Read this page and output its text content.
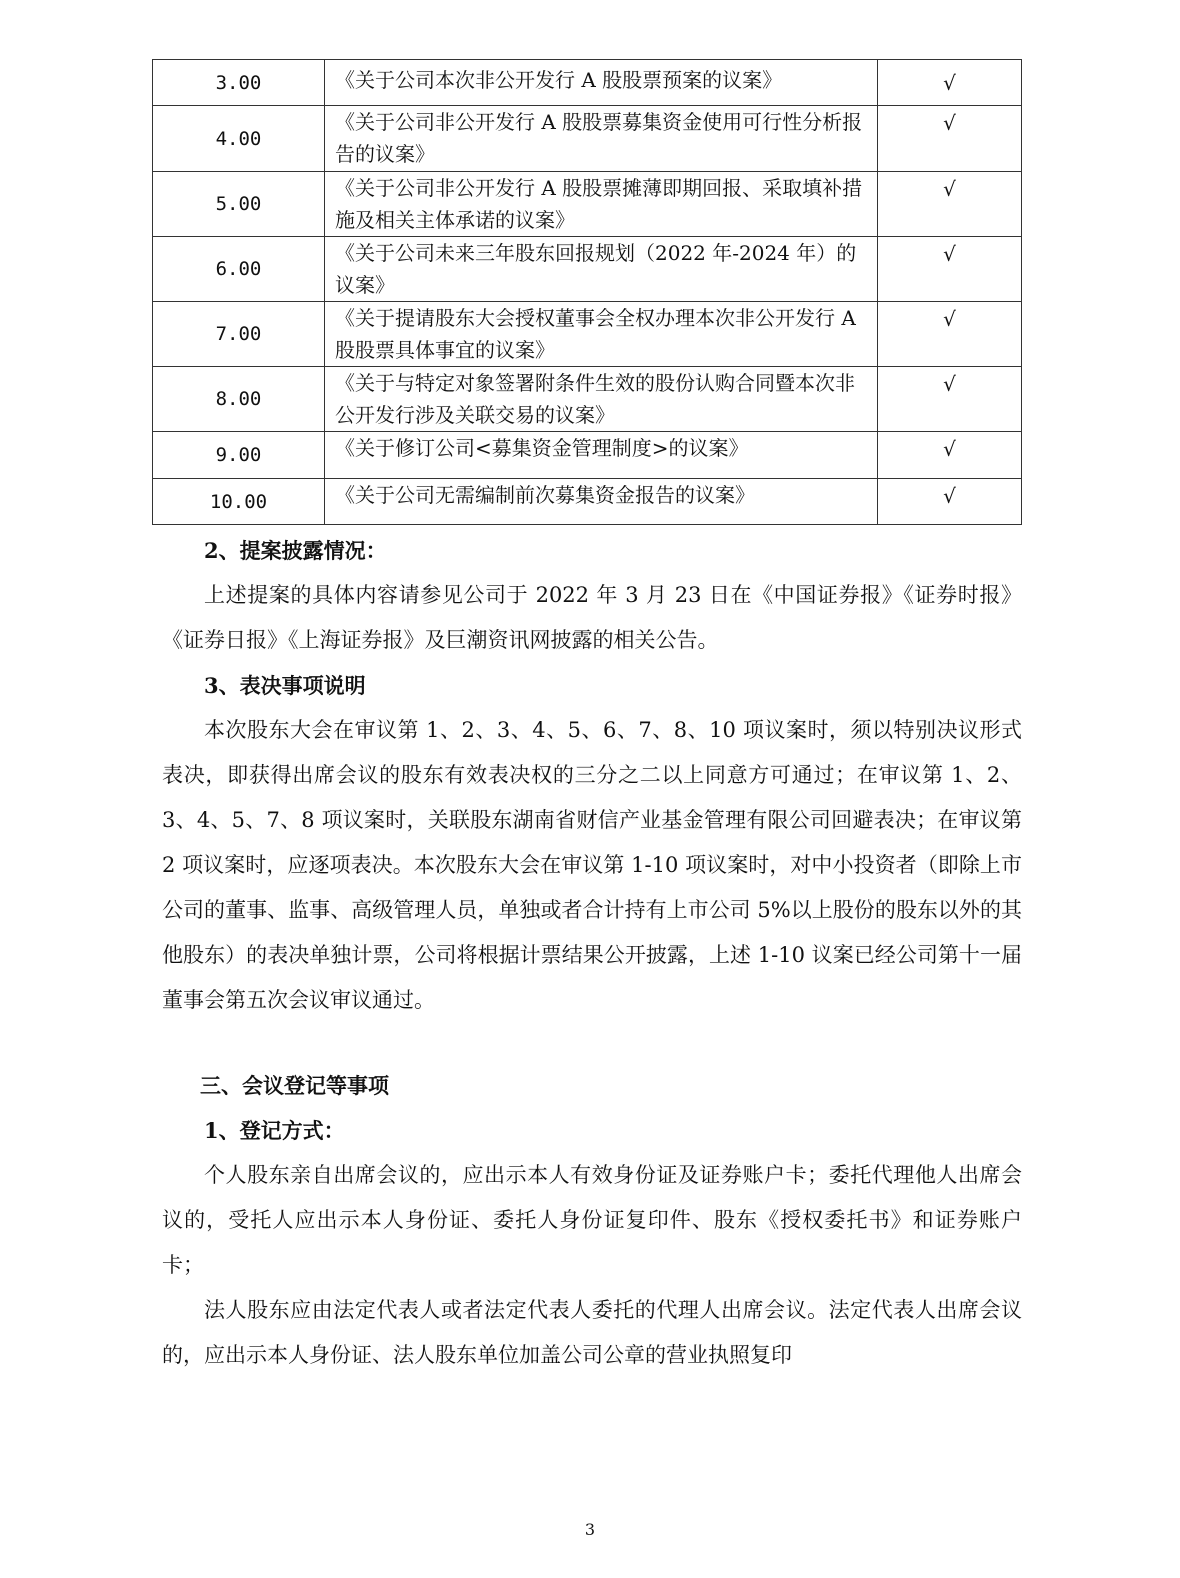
3.00	《关于公司本次非公开发行 A 股股票预案的议案》	√
4.00	《关于公司非公开发行 A 股股票募集资金使用可行性分析报告的议案》	√
5.00	《关于公司非公开发行 A 股股票摊薄即期回报、采取填补措施及相关主体承诺的议案》	√
6.00	《关于公司未来三年股东回报规划（2022 年-2024 年）的议案》	√
7.00	《关于提请股东大会授权董事会全权办理本次非公开发行 A 股股票具体事宜的议案》	√
8.00	《关于与特定对象签署附条件生效的股份认购合同暨本次非公开发行涉及关联交易的议案》	√
9.00	《关于修订公司<募集资金管理制度>的议案》	√
10.00	《关于公司无需编制前次募集资金报告的议案》	√

2、提案披露情况：

上述提案的具体内容请参见公司于 2022 年 3 月 23 日在《中国证券报》《证券时报》《证券日报》《上海证券报》及巨潮资讯网披露的相关公告。

3、表决事项说明

本次股东大会在审议第 1、2、3、4、5、6、7、8、10 项议案时，须以特别决议形式表决，即获得出席会议的股东有效表决权的三分之二以上同意方可通过；在审议第 1、2、3、4、5、7、8 项议案时，关联股东湖南省财信产业基金管理有限公司回避表决；在审议第 2 项议案时，应逐项表决。本次股东大会在审议第 1-10 项议案时，对中小投资者（即除上市公司的董事、监事、高级管理人员，单独或者合计持有上市公司 5%以上股份的股东以外的其他股东）的表决单独计票，公司将根据计票结果公开披露，上述 1-10 议案已经公司第十一届董事会第五次会议审议通过。

三、会议登记等事项

1、登记方式：

个人股东亲自出席会议的，应出示本人有效身份证及证券账户卡；委托代理他人出席会议的，受托人应出示本人身份证、委托人身份证复印件、股东《授权委托书》和证券账户卡；

法人股东应由法定代表人或者法定代表人委托的代理人出席会议。法定代表人出席会议的，应出示本人身份证、法人股东单位加盖公司公章的营业执照复印

3
